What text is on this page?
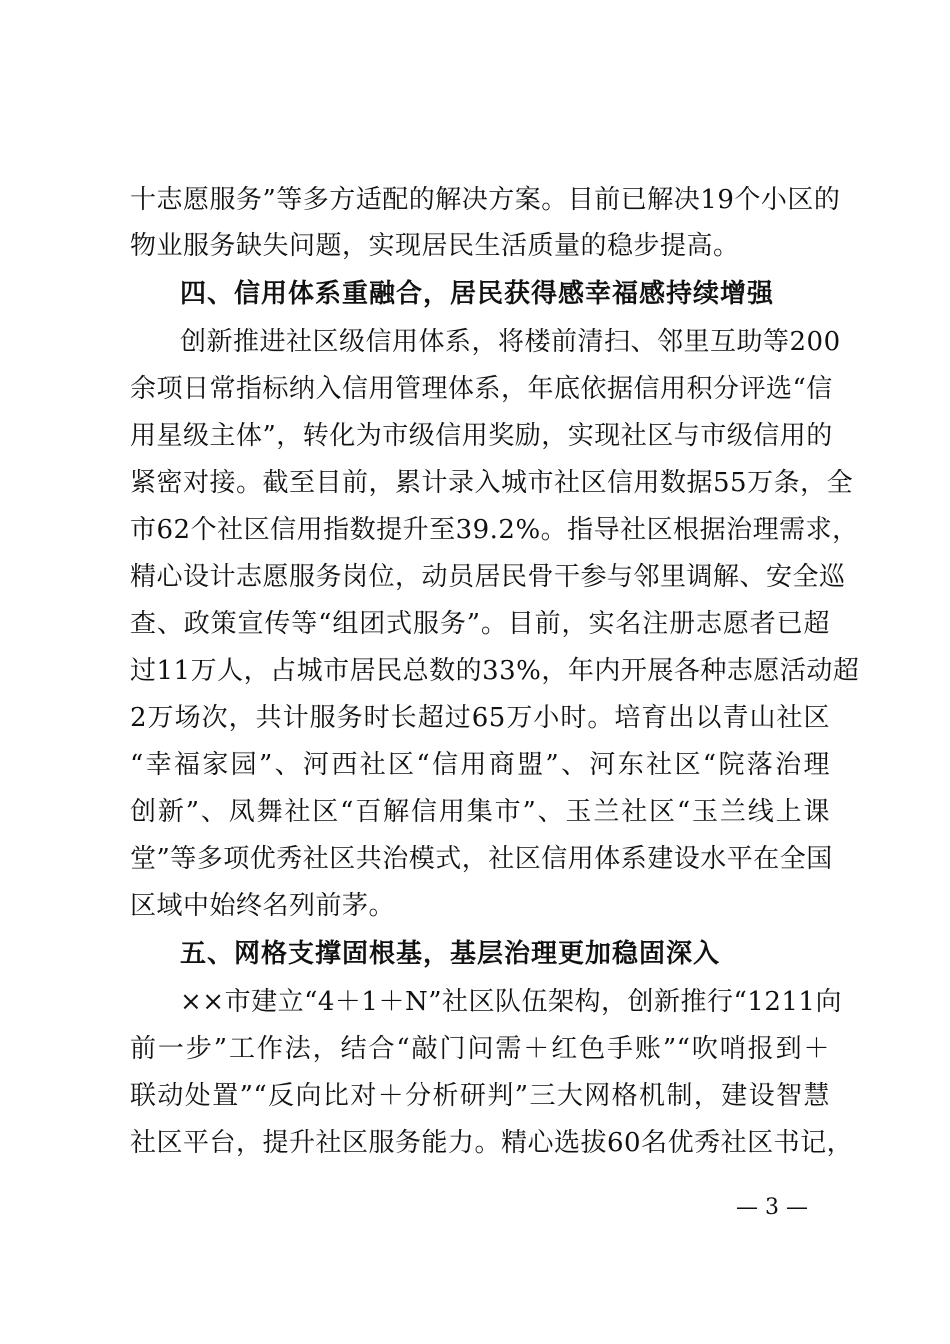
十志愿服务”等多方适配的解决方案。目前已解决19个小区的
物业服务缺失问题，实现居民生活质量的稳步提高。
四、信用体系重融合，居民获得感幸福感持续增强
创新推进社区级信用体系，将楼前清扫、邻里互助等200
余项日常指标纳入信用管理体系，年底依据信用积分评选“信
用星级主体”，转化为市级信用奖励，实现社区与市级信用的
紧密对接。截至目前，累计录入城市社区信用数据55万条，全
市62个社区信用指数提升至39.2%。指导社区根据治理需求，
精心设计志愿服务岗位，动员居民骨干参与邻里调解、安全巡
查、政策宣传等“组团式服务”。目前，实名注册志愿者已超
过11万人，占城市居民总数的33%，年内开展各种志愿活动超
2万场次，共计服务时长超过65万小时。培育出以青山社区
“幸福家园”、河西社区“信用商盟”、河东社区“院落治理
创新”、凤舞社区“百解信用集市”、玉兰社区“玉兰线上课
堂”等多项优秀社区共治模式，社区信用体系建设水平在全国
区域中始终名列前茅。
五、网格支撑固根基，基层治理更加稳固深入
××市建立“4＋1＋N”社区队伍架构，创新推行“1211向
前一步”工作法，结合“敲门问需＋红色手账”“吹哨报到＋
联动处置”“反向比对＋分析研判”三大网格机制，建设智慧
社区平台，提升社区服务能力。精心选拔60名优秀社区书记，
— 3 —
